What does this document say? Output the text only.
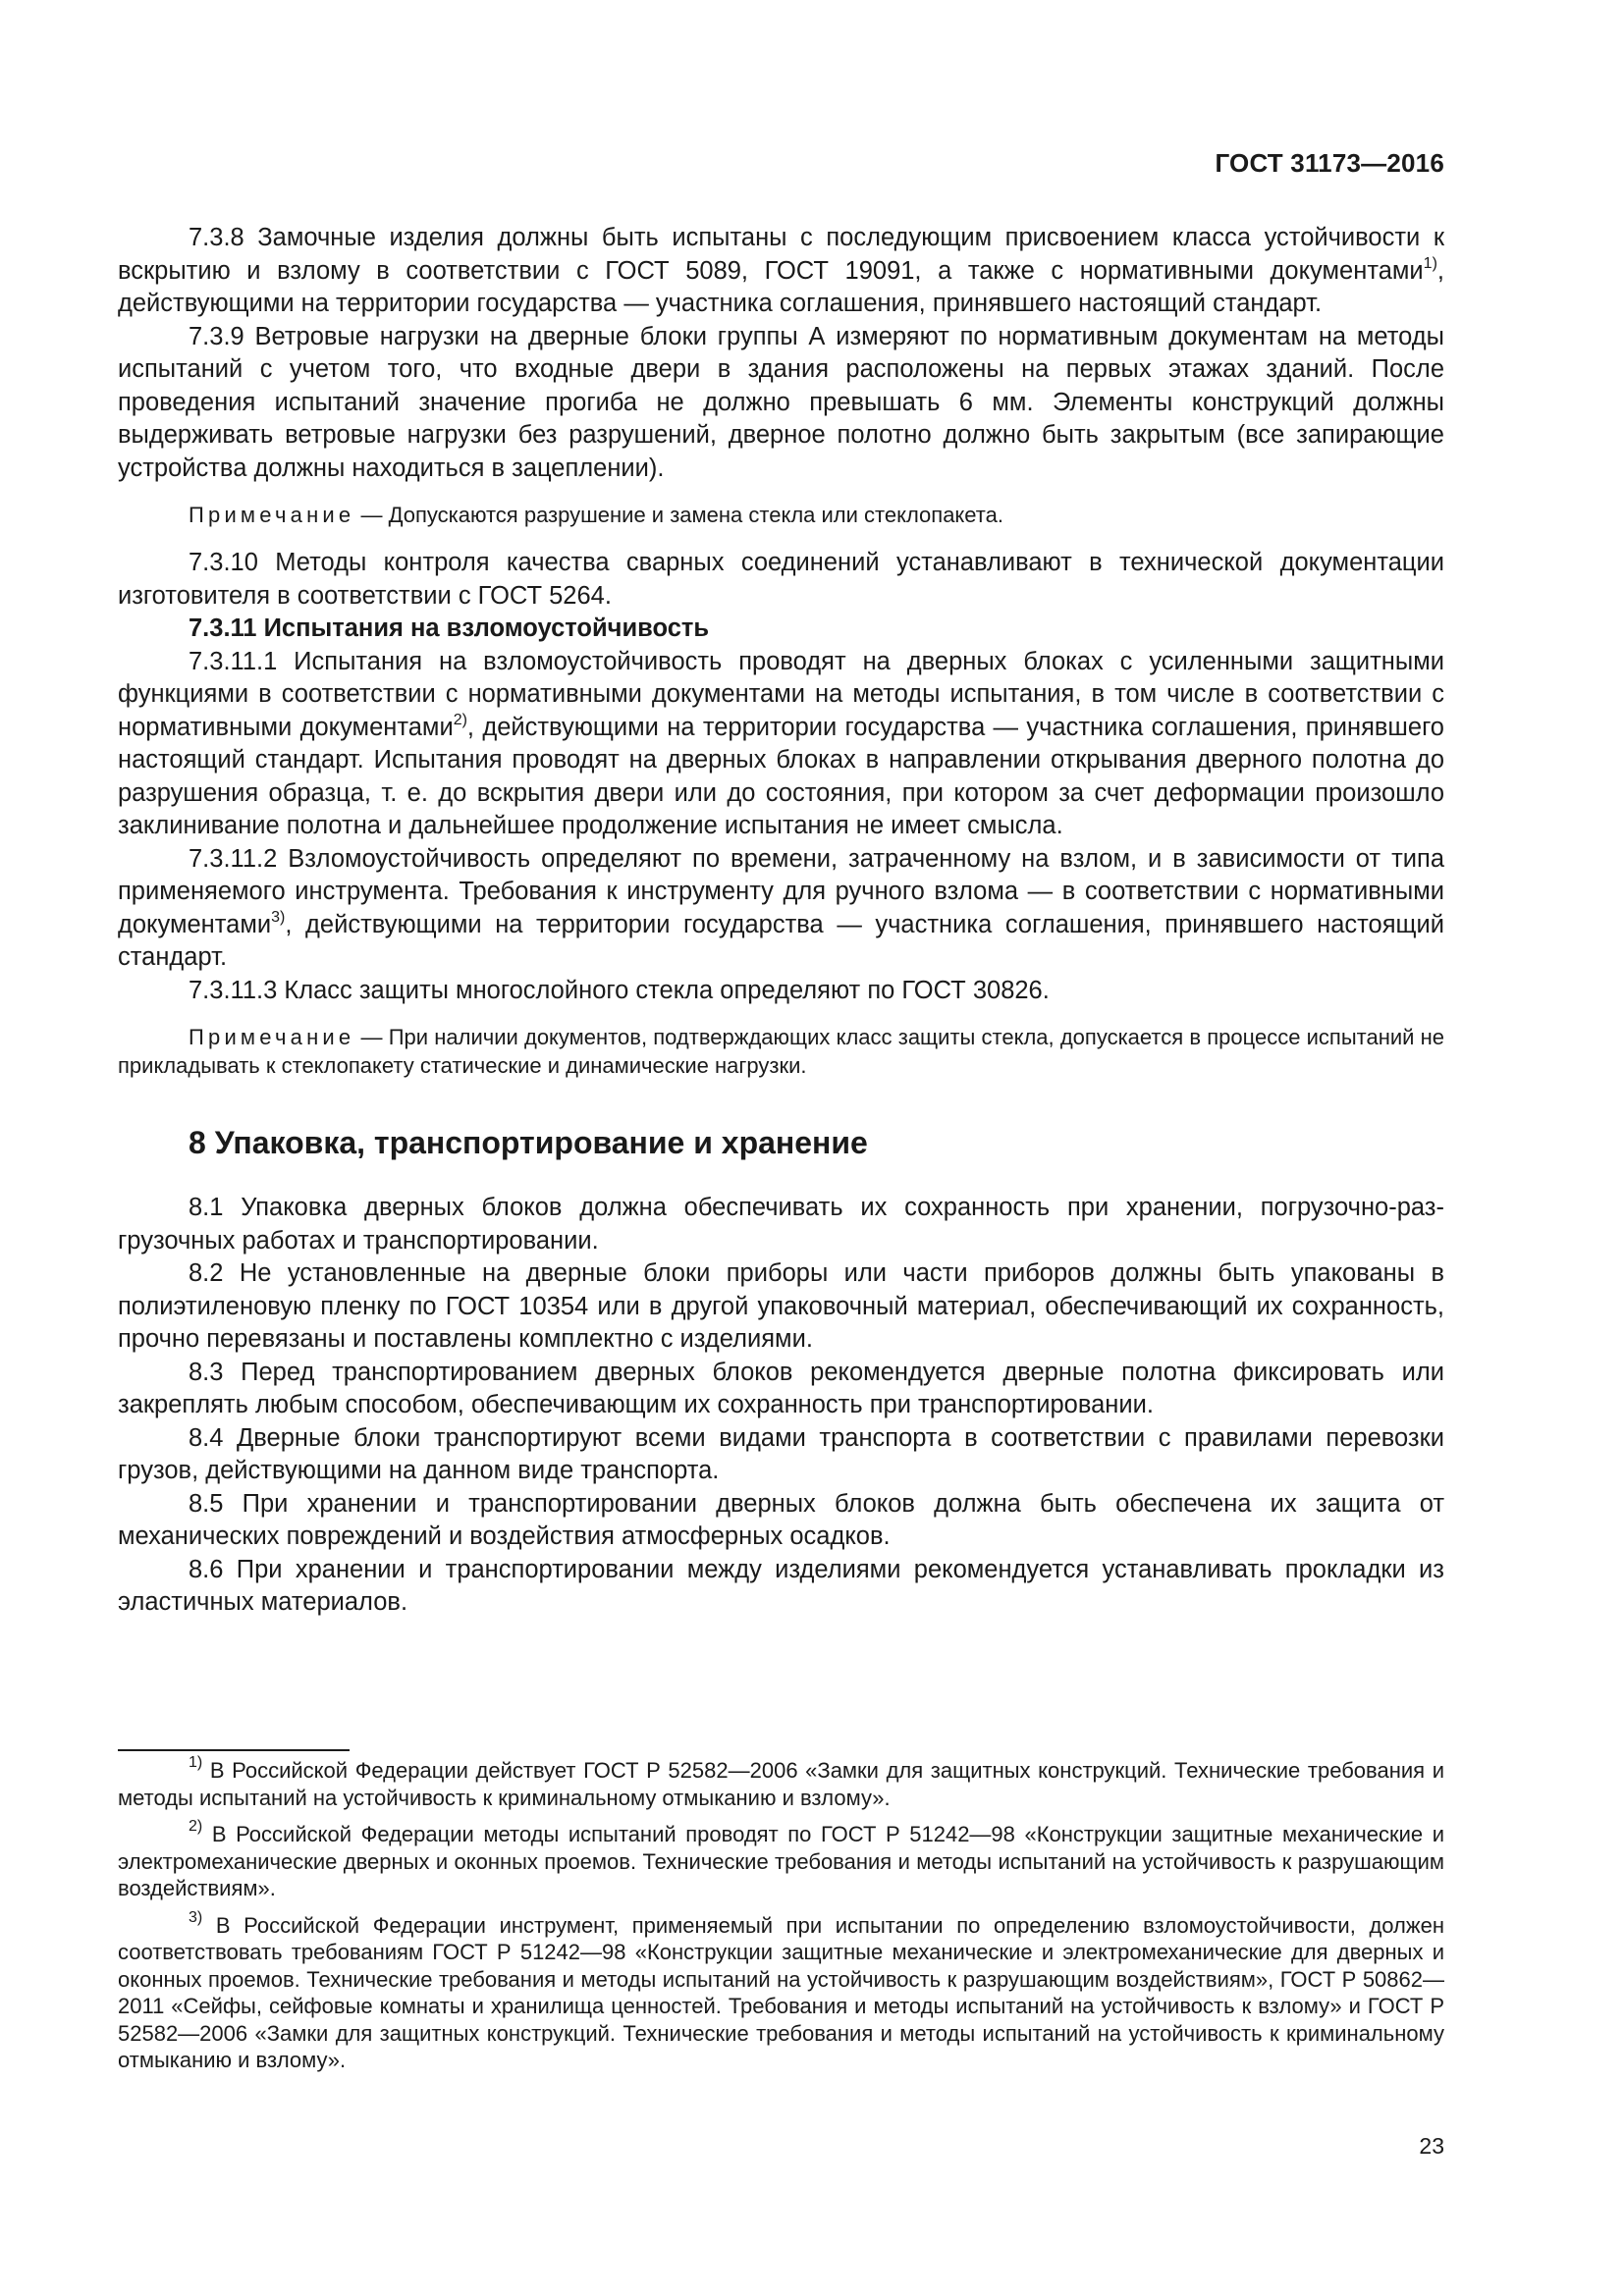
ГОСТ 31173—2016

7.3.8 Замочные изделия должны быть испытаны с последующим присвоением класса устойчивости к вскрытию и взлому в соответствии с ГОСТ 5089, ГОСТ 19091, а также с нормативными документами$^{1)}$, действующими на территории государства — участника соглашения, принявшего настоящий стандарт.

7.3.9 Ветровые нагрузки на дверные блоки группы А измеряют по нормативным документам на методы испытаний с учетом того, что входные двери в здания расположены на первых этажах зданий. После проведения испытаний значение прогиба не должно превышать 6 мм. Элементы конструкций должны выдерживать ветровые нагрузки без разрушений, дверное полотно должно быть закрытым (все запирающие устройства должны находиться в зацеплении).

Примечание — Допускаются разрушение и замена стекла или стеклопакета.

7.3.10 Методы контроля качества сварных соединений устанавливают в технической документации изготовителя в соответствии с ГОСТ 5264.

7.3.11 Испытания на взломоустойчивость

7.3.11.1 Испытания на взломоустойчивость проводят на дверных блоках с усиленными защитными функциями в соответствии с нормативными документами на методы испытания, в том числе в соответствии с нормативными документами$^{2)}$, действующими на территории государства — участника соглашения, принявшего настоящий стандарт. Испытания проводят на дверных блоках в направлении открывания дверного полотна до разрушения образца, т. е. до вскрытия двери или до состояния, при котором за счет деформации произошло заклинивание полотна и дальнейшее продолжение испытания не имеет смысла.

7.3.11.2 Взломоустойчивость определяют по времени, затраченному на взлом, и в зависимости от типа применяемого инструмента. Требования к инструменту для ручного взлома — в соответствии с нормативными документами$^{3)}$, действующими на территории государства — участника соглашения, принявшего настоящий стандарт.

7.3.11.3 Класс защиты многослойного стекла определяют по ГОСТ 30826.

Примечание — При наличии документов, подтверждающих класс защиты стекла, допускается в процессе испытаний не прикладывать к стеклопакету статические и динамические нагрузки.
8 Упаковка, транспортирование и хранение

8.1 Упаковка дверных блоков должна обеспечивать их сохранность при хранении, погрузочно-разгрузочных работах и транспортировании.

8.2 Не установленные на дверные блоки приборы или части приборов должны быть упакованы в полиэтиленовую пленку по ГОСТ 10354 или в другой упаковочный материал, обеспечивающий их сохранность, прочно перевязаны и поставлены комплектно с изделиями.

8.3 Перед транспортированием дверных блоков рекомендуется дверные полотна фиксировать или закреплять любым способом, обеспечивающим их сохранность при транспортировании.

8.4 Дверные блоки транспортируют всеми видами транспорта в соответствии с правилами перевозки грузов, действующими на данном виде транспорта.

8.5 При хранении и транспортировании дверных блоков должна быть обеспечена их защита от механических повреждений и воздействия атмосферных осадков.

8.6 При хранении и транспортировании между изделиями рекомендуется устанавливать прокладки из эластичных материалов.

$^{1)}$ В Российской Федерации действует ГОСТ Р 52582—2006 «Замки для защитных конструкций. Технические требования и методы испытаний на устойчивость к криминальному отмыканию и взлому».

$^{2)}$ В Российской Федерации методы испытаний проводят по ГОСТ Р 51242—98 «Конструкции защитные механические и электромеханические дверных и оконных проемов. Технические требования и методы испытаний на устойчивость к разрушающим воздействиям».

$^{3)}$ В Российской Федерации инструмент, применяемый при испытании по определению взломоустойчивости, должен соответствовать требованиям ГОСТ Р 51242—98 «Конструкции защитные механические и электромеханические для дверных и оконных проемов. Технические требования и методы испытаний на устойчивость к разрушающим воздействиям», ГОСТ Р 50862—2011 «Сейфы, сейфовые комнаты и хранилища ценностей. Требования и методы испытаний на устойчивость к взлому» и ГОСТ Р 52582—2006 «Замки для защитных конструкций. Технические требования и методы испытаний на устойчивость к криминальному отмыканию и взлому».

23
